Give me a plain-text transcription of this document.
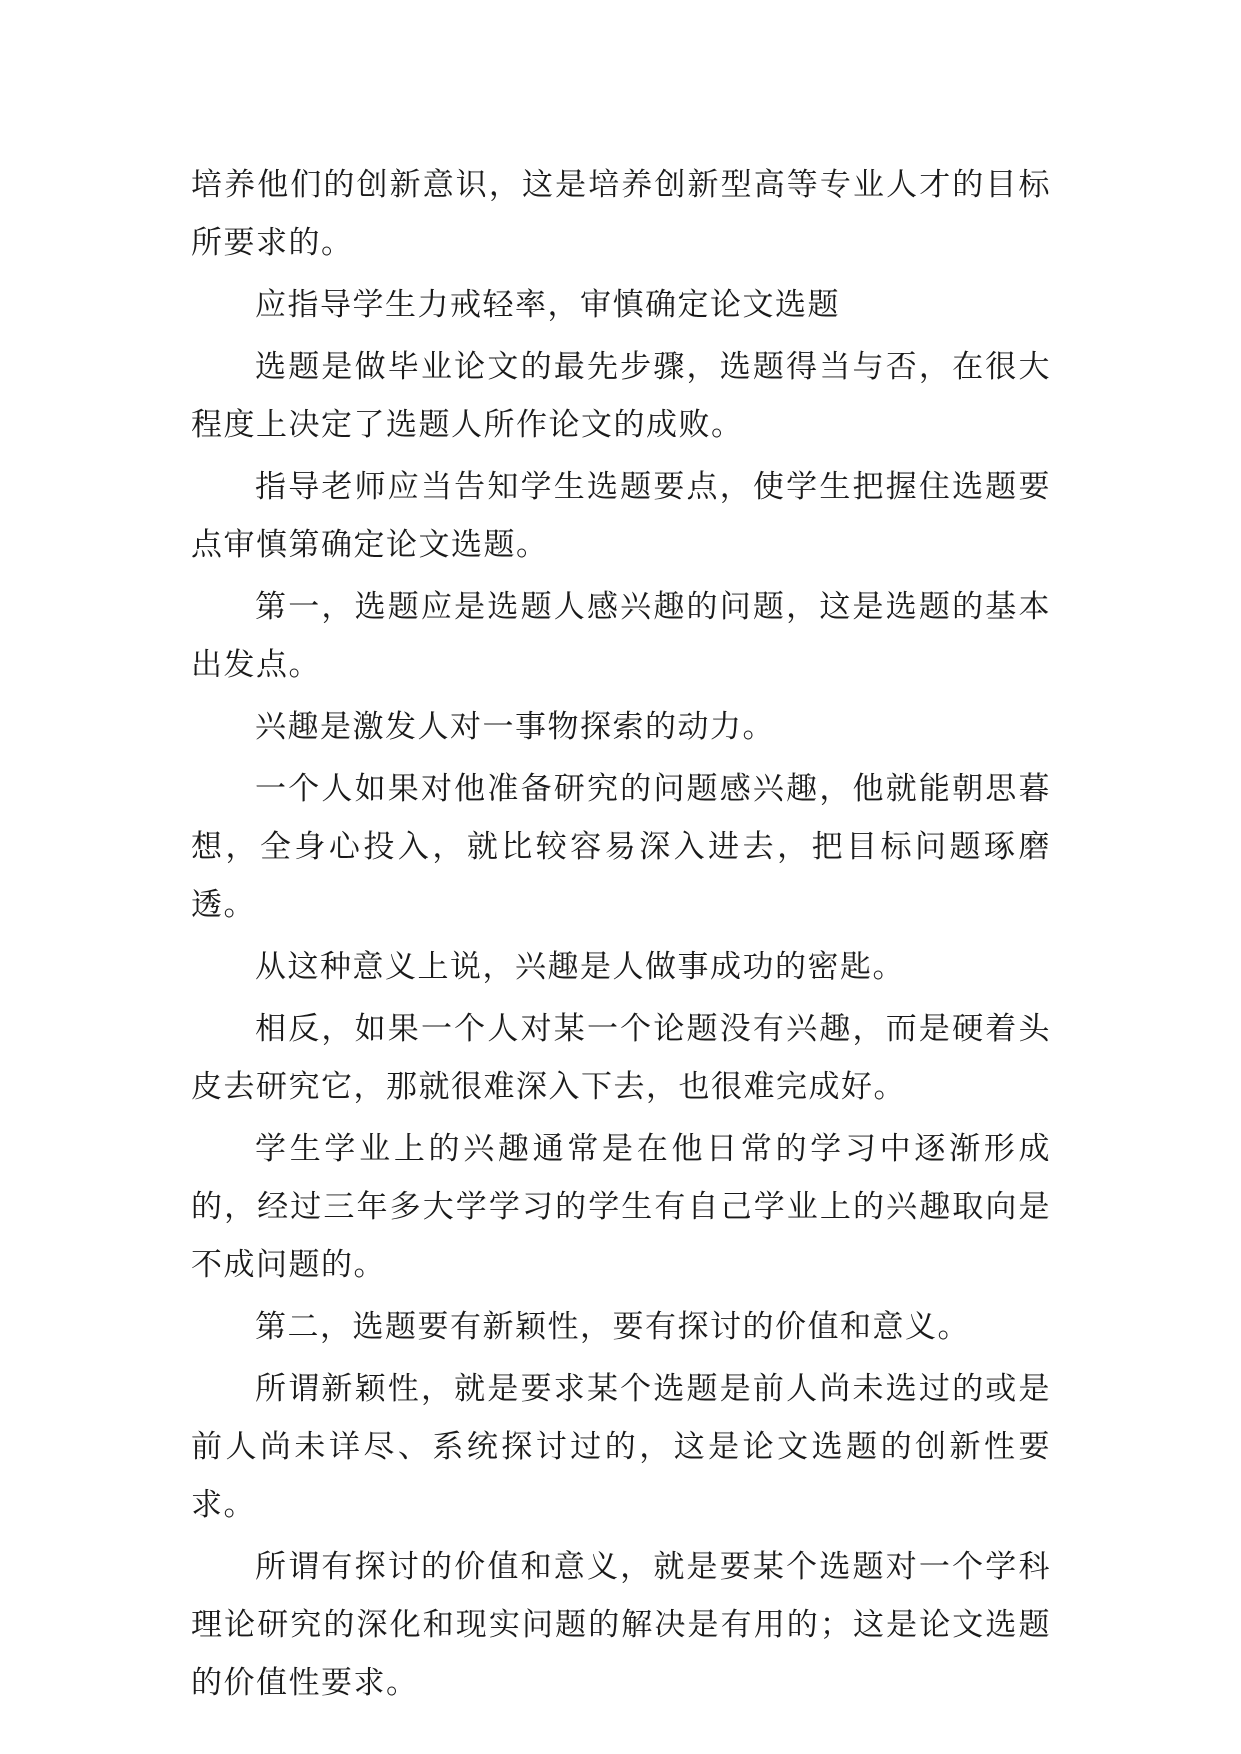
培养他们的创新意识，这是培养创新型高等专业人才的目标所要求的。

应指导学生力戒轻率，审慎确定论文选题

选题是做毕业论文的最先步骤，选题得当与否，在很大程度上决定了选题人所作论文的成败。

指导老师应当告知学生选题要点，使学生把握住选题要点审慎第确定论文选题。

第一，选题应是选题人感兴趣的问题，这是选题的基本出发点。

兴趣是激发人对一事物探索的动力。

一个人如果对他准备研究的问题感兴趣，他就能朝思暮想，全身心投入，就比较容易深入进去，把目标问题琢磨透。

从这种意义上说，兴趣是人做事成功的密匙。

相反，如果一个人对某一个论题没有兴趣，而是硬着头皮去研究它，那就很难深入下去，也很难完成好。

学生学业上的兴趣通常是在他日常的学习中逐渐形成的，经过三年多大学学习的学生有自己学业上的兴趣取向是不成问题的。

第二，选题要有新颖性，要有探讨的价值和意义。

所谓新颖性，就是要求某个选题是前人尚未选过的或是前人尚未详尽、系统探讨过的，这是论文选题的创新性要求。

所谓有探讨的价值和意义，就是要某个选题对一个学科理论研究的深化和现实问题的解决是有用的；这是论文选题的价值性要求。
